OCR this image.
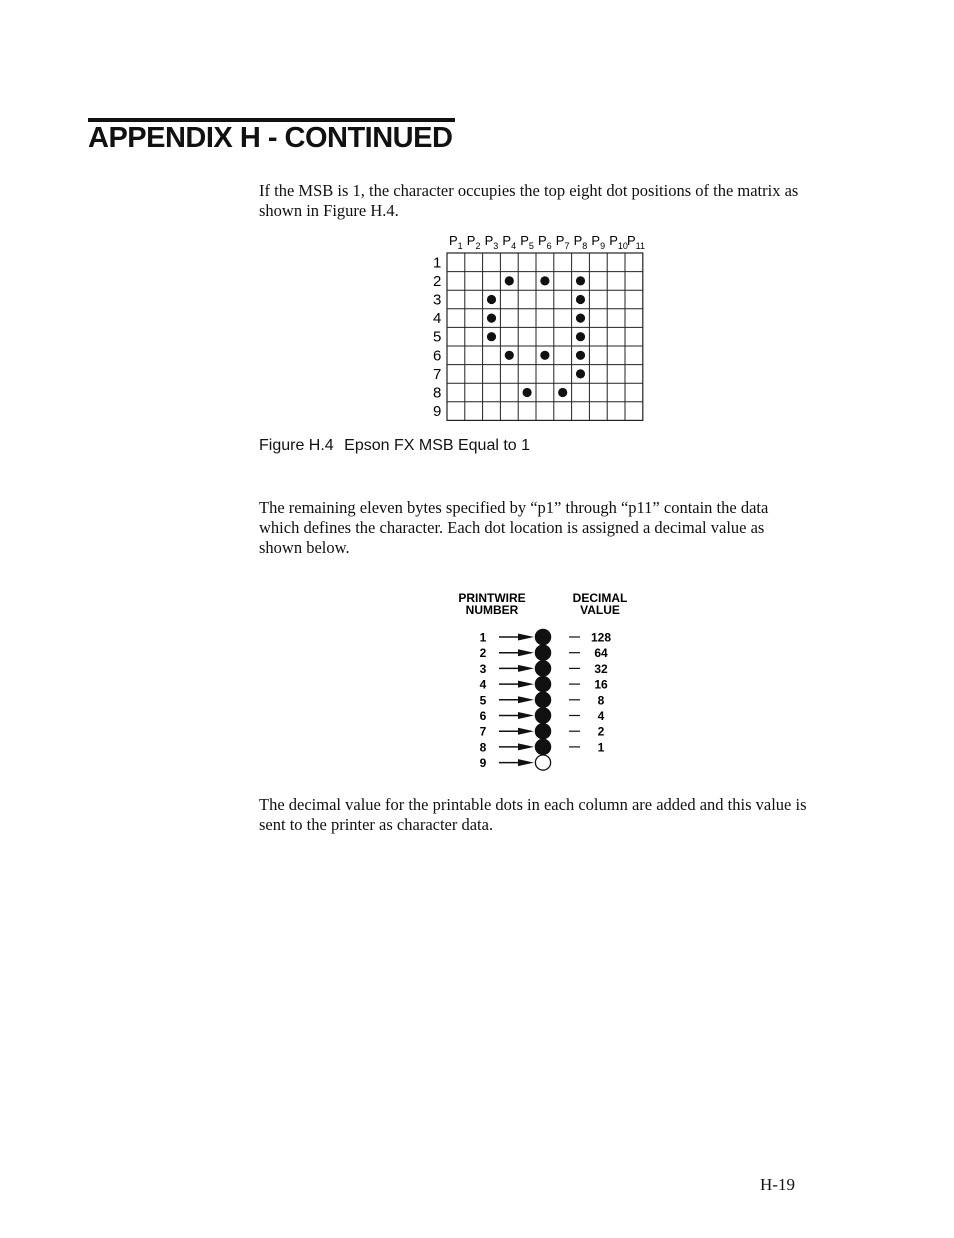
APPENDIX H - CONTINUED
If the MSB is 1, the character occupies the top eight dot positions of the matrix as shown in Figure H.4.
$P_1$ $P_2$ $P_3$ $P_4$ $P_5$ $P_6$ $P_7$ $P_8$ $P_9$ $P_{10}$ $P_{11}$
1
2
3
4
5
6
7
8
9
Figure H.4 Epson FX MSB Equal to 1
The remaining eleven bytes specified by “p1” through “p11” contain the data which defines the character. Each dot location is assigned a decimal value as shown below.
PRINTWIRE
NUMBER
DECIMAL
VALUE
1	128
2	64
3	32
4	16
5	8
6	4
7	2
8	1
9
The decimal value for the printable dots in each column are added and this value is sent to the printer as character data.
H-19
